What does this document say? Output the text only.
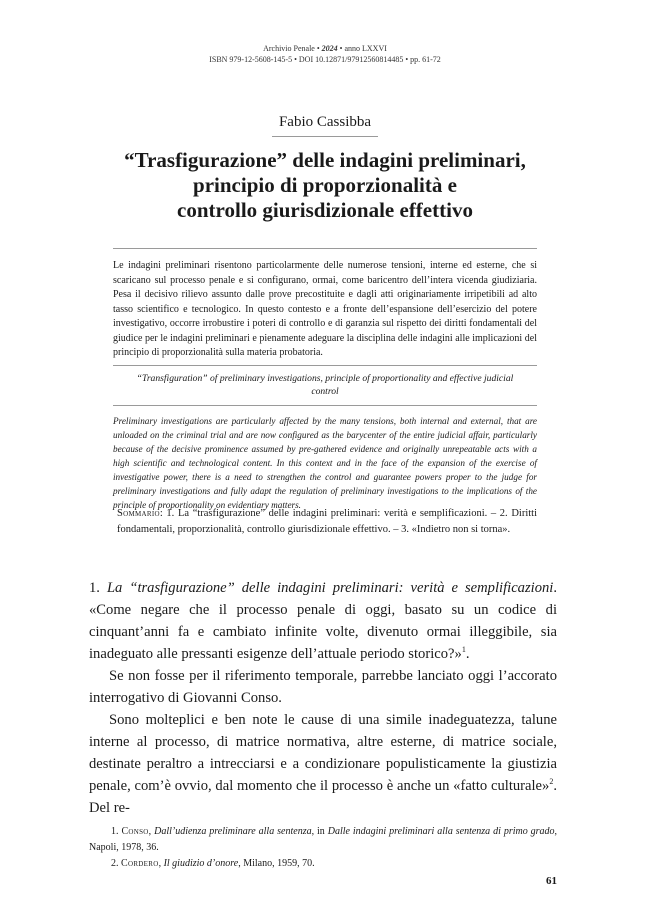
Archivio Penale • 2024 • anno LXXVI
ISBN 979-12-5608-145-5 • DOI 10.12871/97912560814485 • pp. 61-72
Fabio Cassibba
“Trasfigurazione” delle indagini preliminari,
principio di proporzionalità e
controllo giurisdizionale effettivo
Le indagini preliminari risentono particolarmente delle numerose tensioni, interne ed esterne, che si scaricano sul processo penale e si configurano, ormai, come baricentro dell’intera vicenda giudiziaria. Pesa il decisivo rilievo assunto dalle prove precostituite e dagli atti originariamente irripetibili ad alto tasso scientifico e tecnologico. In questo contesto e a fronte dell’espansione dell’esercizio del potere investigativo, occorre irrobustire i poteri di controllo e di garanzia sul rispetto dei diritti fondamentali del giudice per le indagini preliminari e pienamente adeguare la disciplina delle indagini alle implicazioni del principio di proporzionalità sulla materia probatoria.
“Transfiguration” of preliminary investigations, principle of proportionality and effective judicial control
Preliminary investigations are particularly affected by the many tensions, both internal and external, that are unloaded on the criminal trial and are now configured as the barycenter of the entire judicial affair, particularly because of the decisive prominence assumed by pre-gathered evidence and originally unrepeatable acts with a high scientific and technological content. In this context and in the face of the expansion of the exercise of investigative power, there is a need to strengthen the control and guarantee powers proper to the judge for preliminary investigations and fully adapt the regulation of preliminary investigations to the implications of the principle of proportionality on evidentiary matters.
Sommario: 1. La “trasfigurazione” delle indagini preliminari: verità e semplificazioni. – 2. Diritti fondamentali, proporzionalità, controllo giurisdizionale effettivo. – 3. «Indietro non si torna».

1. La “trasfigurazione” delle indagini preliminari: verità e semplificazioni. «Come negare che il processo penale di oggi, basato su un codice di cinquant’anni fa e cambiato infinite volte, divenuto ormai illeggibile, sia inadeguato alle pressanti esigenze dell’attuale periodo storico?»$^1$.

Se non fosse per il riferimento temporale, parrebbe lanciato oggi l’accorato interrogativo di Giovanni Conso.

Sono molteplici e ben note le cause di una simile inadeguatezza, talune interne al processo, di matrice normativa, altre esterne, di matrice sociale, destinate peraltro a intrecciarsi e a condizionare populisticamente la giustizia penale, com’è ovvio, dal momento che il processo è anche un «fatto culturale»$^2$. Del re-

1. Conso, Dall’udienza preliminare alla sentenza, in Dalle indagini preliminari alla sentenza di primo grado, Napoli, 1978, 36.

2. Cordero, Il giudizio d’onore, Milano, 1959, 70.

61
